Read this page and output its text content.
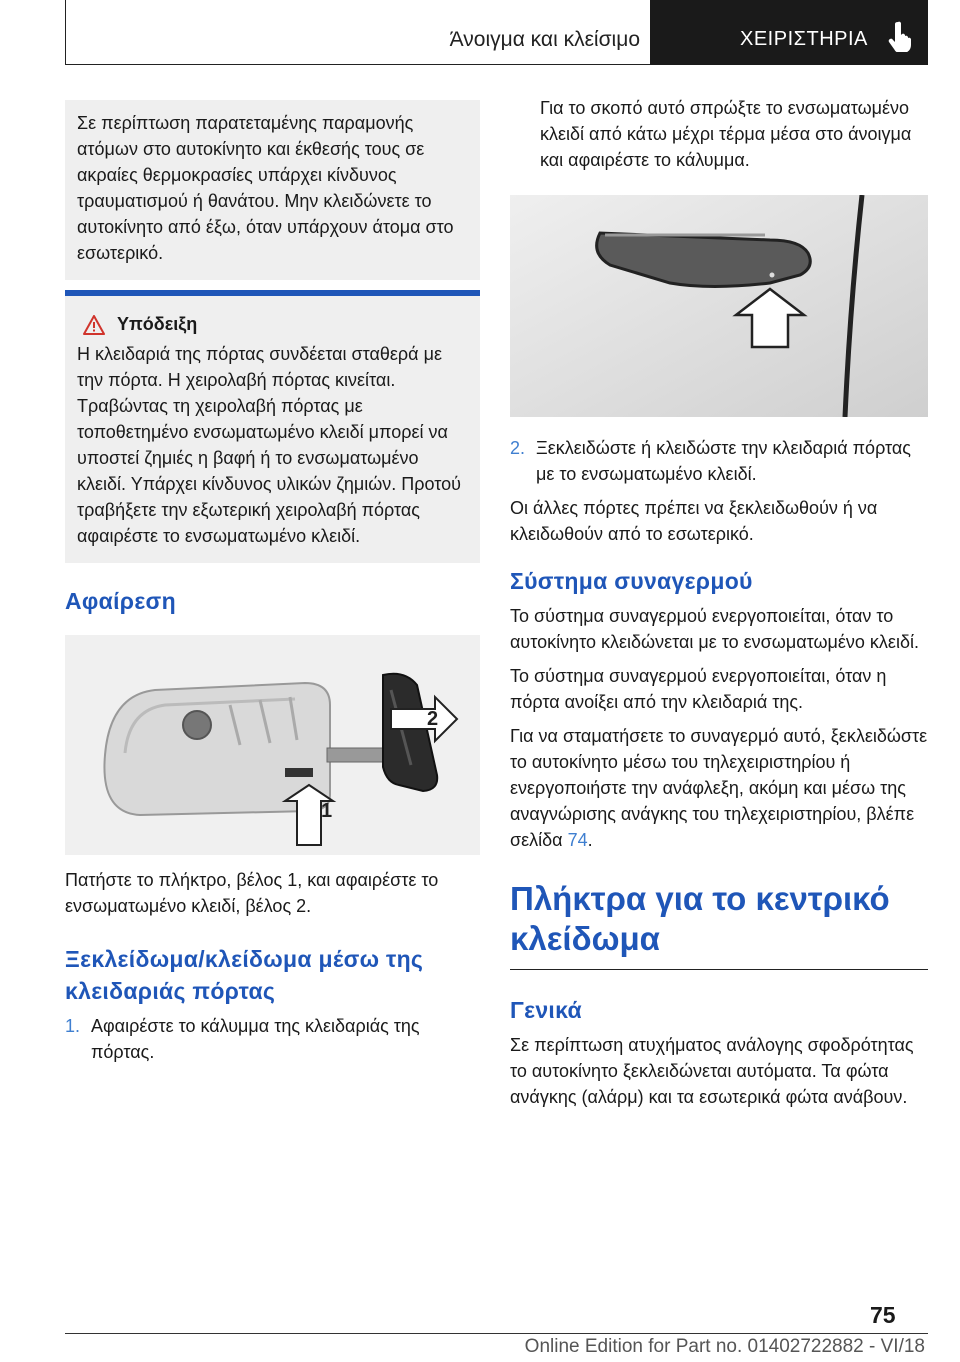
Άνοιγμα και κλείσιμο	ΧΕΙΡΙΣΤΗΡΙΑ

Σε περίπτωση παρατεταμένης παραμονής ατόμων στο αυτοκίνητο και έκθεσής τους σε ακραίες θερμοκρασίες υπάρχει κίνδυνος τραυματισμού ή θανάτου. Μην κλειδώνετε το αυτοκίνητο από έξω, όταν υπάρχουν άτομα στο εσωτερικό.

Υπόδειξη

Η κλειδαριά της πόρτας συνδέεται σταθερά με την πόρτα. Η χειρολαβή πόρτας κινείται. Τραβώντας τη χειρολαβή πόρτας με τοποθετημένο ενσωματωμένο κλειδί μπορεί να υποστεί ζημιές η βαφή ή το ενσωματωμένο κλειδί. Υπάρχει κίνδυνος υλικών ζημιών. Προτού τραβήξετε την εξωτερική χειρολαβή πόρτας αφαιρέστε το ενσωματωμένο κλειδί.

Αφαίρεση
1
2

Πατήστε το πλήκτρο, βέλος 1, και αφαιρέστε το ενσωματωμένο κλειδί, βέλος 2.

Ξεκλείδωμα/κλείδωμα μέσω της κλειδαριάς πόρτας
1. Αφαιρέστε το κάλυμμα της κλειδαριάς της πόρτας.

Για το σκοπό αυτό σπρώξτε το ενσωματωμένο κλειδί από κάτω μέχρι τέρμα μέσα στο άνοιγμα και αφαιρέστε το κάλυμμα.

2. Ξεκλειδώστε ή κλειδώστε την κλειδαριά πόρτας με το ενσωματωμένο κλειδί.

Οι άλλες πόρτες πρέπει να ξεκλειδωθούν ή να κλειδωθούν από το εσωτερικό.

Σύστημα συναγερμού

Το σύστημα συναγερμού ενεργοποιείται, όταν το αυτοκίνητο κλειδώνεται με το ενσωματωμένο κλειδί.

Το σύστημα συναγερμού ενεργοποιείται, όταν η πόρτα ανοίξει από την κλειδαριά της.

Για να σταματήσετε το συναγερμό αυτό, ξεκλειδώστε το αυτοκίνητο μέσω του τηλεχειριστηρίου ή ενεργοποιήστε την ανάφλεξη, ακόμη και μέσω της αναγνώρισης ανάγκης του τηλεχειριστηρίου, βλέπε σελίδα 74.

Πλήκτρα για το κεντρικό κλείδωμα
Γενικά

Σε περίπτωση ατυχήματος ανάλογης σφοδρότητας το αυτοκίνητο ξεκλειδώνεται αυτόματα. Τα φώτα ανάγκης (αλάρμ) και τα εσωτερικά φώτα ανάβουν.

75
Online Edition for Part no. 01402722882 - VI/18
